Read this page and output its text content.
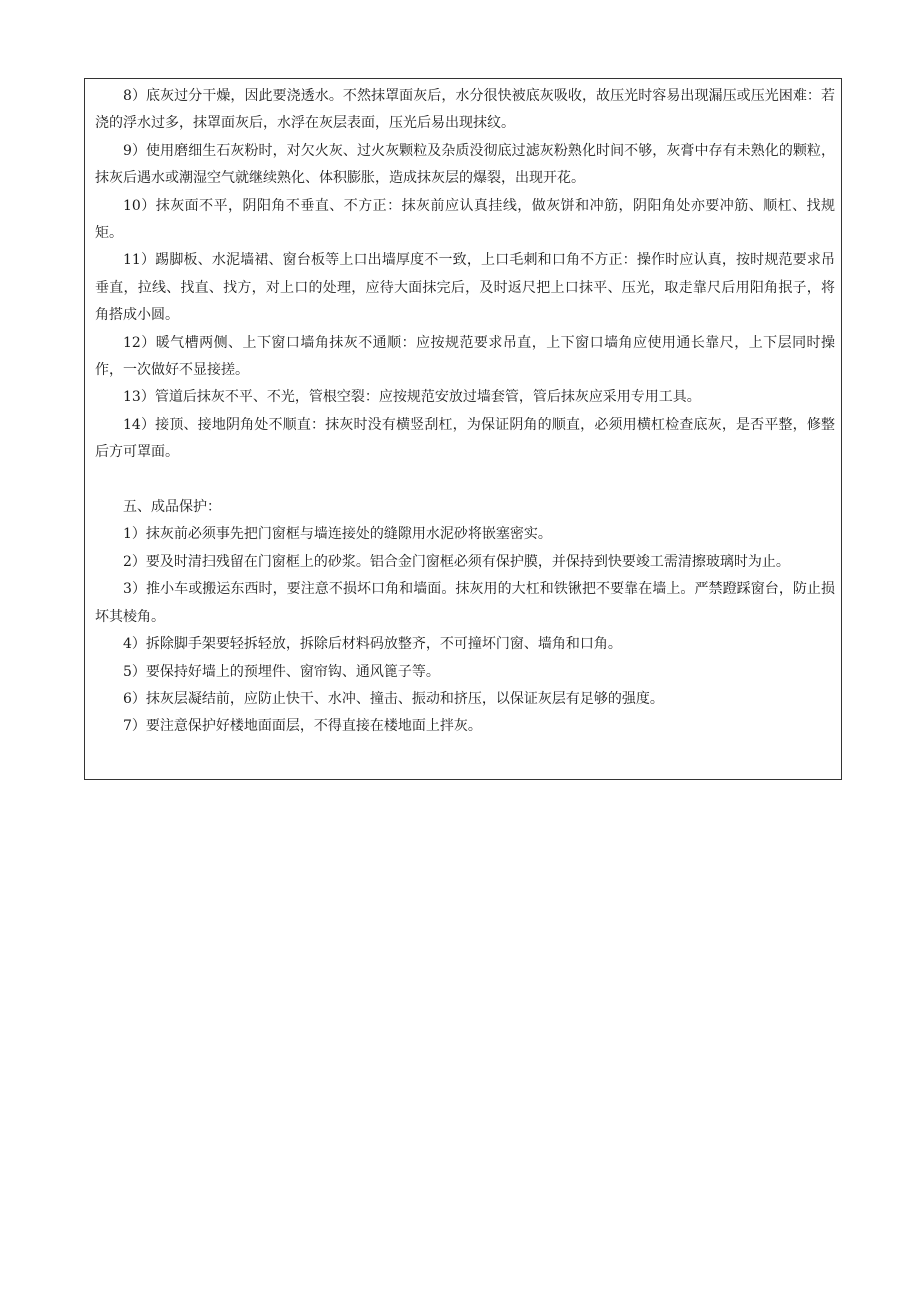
8）底灰过分干燥，因此要浇透水。不然抹罩面灰后，水分很快被底灰吸收，故压光时容易出现漏压或压光困难：若浇的浮水过多，抹罩面灰后，水浮在灰层表面，压光后易出现抹纹。

9）使用磨细生石灰粉时，对欠火灰、过火灰颗粒及杂质没彻底过滤灰粉熟化时间不够，灰膏中存有未熟化的颗粒，抹灰后遇水或潮湿空气就继续熟化、体积膨胀，造成抹灰层的爆裂，出现开花。

10）抹灰面不平，阴阳角不垂直、不方正：抹灰前应认真挂线，做灰饼和冲筋，阴阳角处亦要冲筋、顺杠、找规矩。

11）踢脚板、水泥墙裙、窗台板等上口出墙厚度不一致，上口毛刺和口角不方正：操作时应认真，按时规范要求吊垂直，拉线、找直、找方，对上口的处理，应待大面抹完后，及时返尺把上口抹平、压光，取走靠尺后用阳角抿子，将角搭成小圆。

12）暖气槽两侧、上下窗口墙角抹灰不通顺：应按规范要求吊直，上下窗口墙角应使用通长靠尺，上下层同时操作，一次做好不显接搓。

13）管道后抹灰不平、不光，管根空裂：应按规范安放过墙套管，管后抹灰应采用专用工具。

14）接顶、接地阴角处不顺直：抹灰时没有横竖刮杠，为保证阴角的顺直，必须用横杠检查底灰，是否平整，修整后方可罩面。

五、成品保护：

1）抹灰前必须事先把门窗框与墙连接处的缝隙用水泥砂将嵌塞密实。

2）要及时清扫残留在门窗框上的砂浆。铝合金门窗框必须有保护膜，并保持到快要竣工需清擦玻璃时为止。

3）推小车或搬运东西时，要注意不损坏口角和墙面。抹灰用的大杠和铁锹把不要靠在墙上。严禁蹬踩窗台，防止损坏其棱角。

4）拆除脚手架要轻拆轻放，拆除后材料码放整齐，不可撞坏门窗、墙角和口角。

5）要保持好墙上的预埋件、窗帘钩、通风篦子等。

6）抹灰层凝结前，应防止快干、水冲、撞击、振动和挤压，以保证灰层有足够的强度。

7）要注意保护好楼地面面层，不得直接在楼地面上拌灰。
